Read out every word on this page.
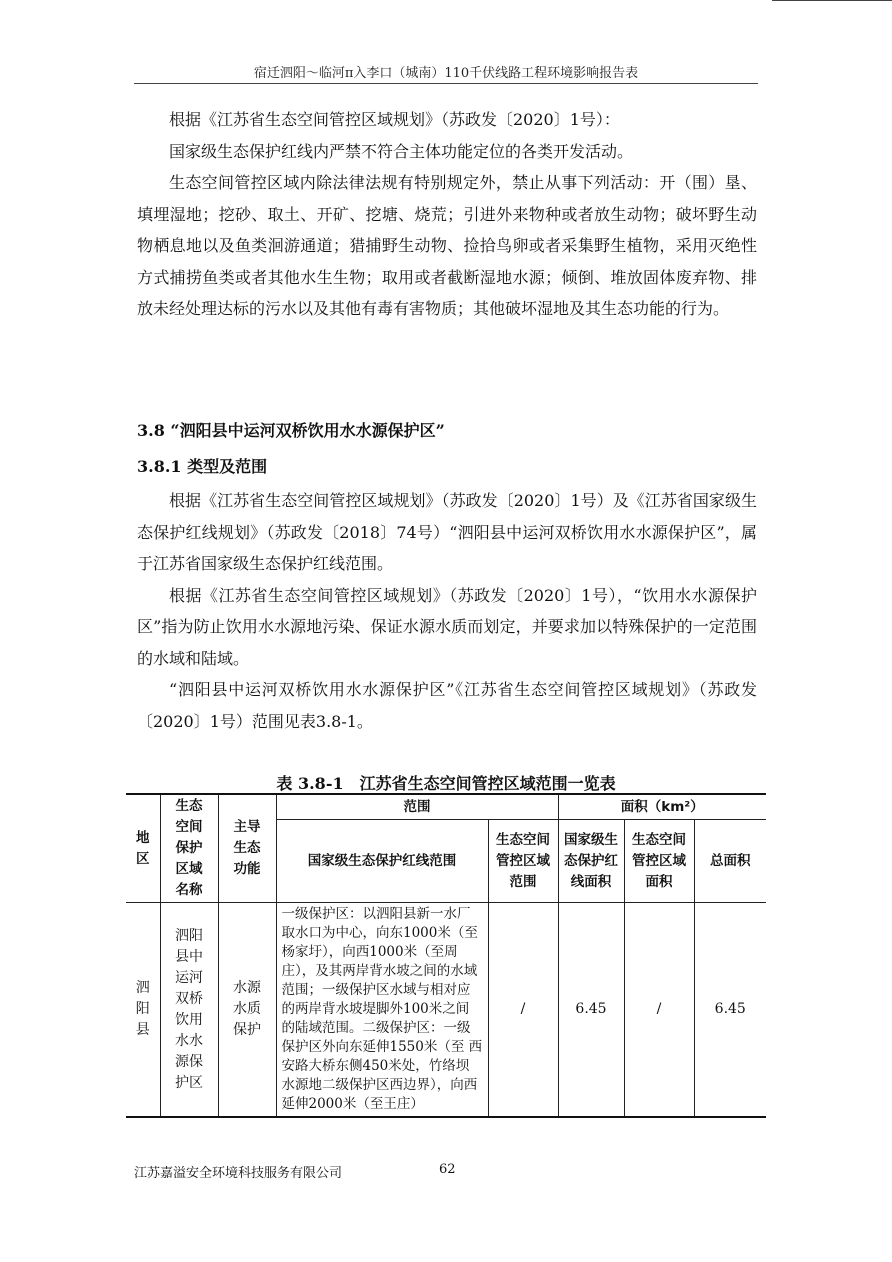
宿迁泗阳～临河π入李口（城南）110千伏线路工程环境影响报告表

根据《江苏省生态空间管控区域规划》（苏政发〔2020〕1号）：

国家级生态保护红线内严禁不符合主体功能定位的各类开发活动。

生态空间管控区域内除法律法规有特别规定外，禁止从事下列活动：开（围）垦、填埋湿地；挖砂、取土、开矿、挖塘、烧荒；引进外来物种或者放生动物；破坏野生动物栖息地以及鱼类洄游通道；猎捕野生动物、捡拾鸟卵或者采集野生植物，采用灭绝性方式捕捞鱼类或者其他水生生物；取用或者截断湿地水源；倾倒、堆放固体废弃物、排放未经处理达标的污水以及其他有毒有害物质；其他破坏湿地及其生态功能的行为。

3.8 “泗阳县中运河双桥饮用水水源保护区”
3.8.1 类型及范围

根据《江苏省生态空间管控区域规划》（苏政发〔2020〕1号）及《江苏省国家级生态保护红线规划》（苏政发〔2018〕74号）“泗阳县中运河双桥饮用水水源保护区”，属于江苏省国家级生态保护红线范围。

根据《江苏省生态空间管控区域规划》（苏政发〔2020〕1号），“饮用水水源保护区”指为防止饮用水水源地污染、保证水源水质而划定，并要求加以特殊保护的一定范围的水域和陆域。

“泗阳县中运河双桥饮用水水源保护区”《江苏省生态空间管控区域规划》（苏政发〔2020〕1号）范围见表3.8-1。

表 3.8-1　江苏省生态空间管控区域范围一览表
地区	生态空间保护区域名称	主导生态功能	范围		面积（km²）		
			国家级生态保护红线范围	生态空间管控区域范围	国家级生态保护红线面积	生态空间管控区域面积	总面积

泗阳县	泗阳县中运河双桥饮用水水源保护区	水源水质保护	一级保护区：以泗阳县新一水厂取水口为中心，向东1000米（至杨家圩），向西1000米（至周庄），及其两岸背水坡之间的水域范围；一级保护区水域与相对应的两岸背水坡堤脚外100米之间的陆域范围。二级保护区：一级保护区外向东延伸1550米（至 西安路大桥东侧450米处，竹络坝水源地二级保护区西边界），向西延伸2000米（至王庄）	/	6.45	/	6.45
江苏嘉溢安全环境科技服务有限公司	62
